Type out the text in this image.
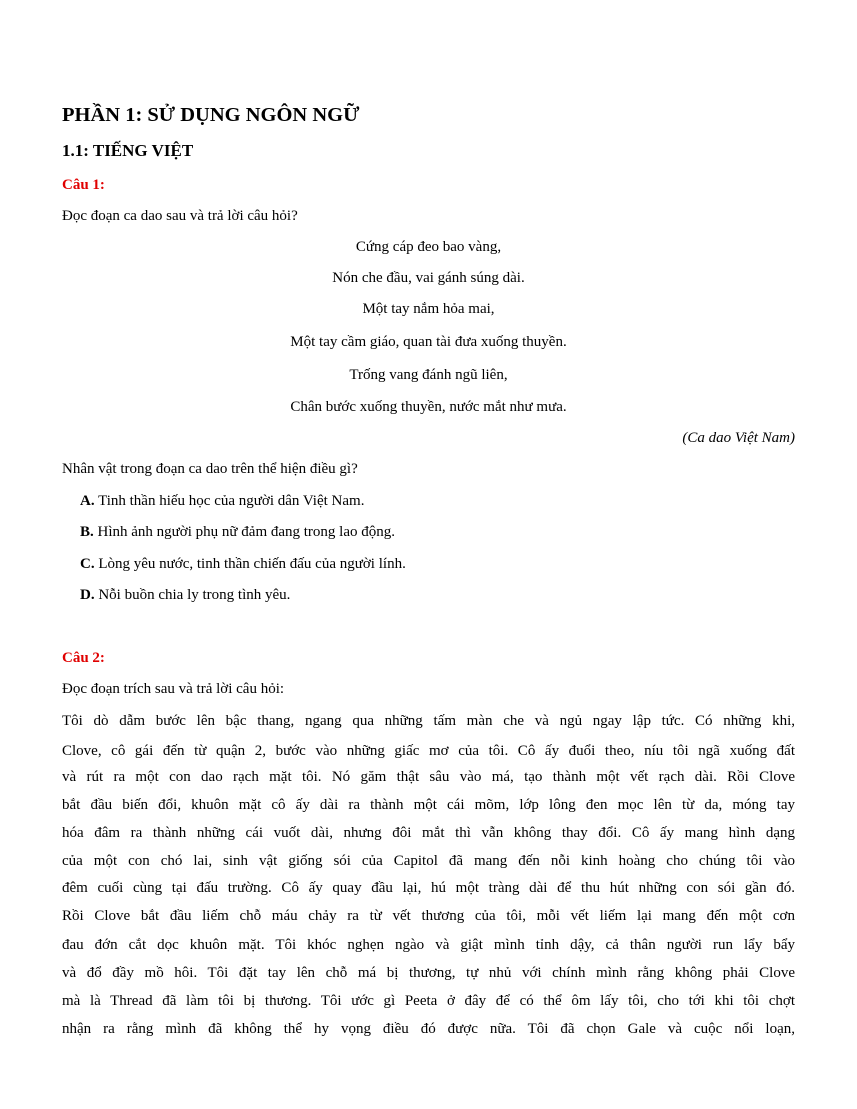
PHẦN 1: SỬ DỤNG NGÔN NGỮ
1.1: TIẾNG VIỆT
Câu 1:
Đọc đoạn ca dao sau và trả lời câu hỏi?
Cứng cáp đeo bao vàng,
Nón che đầu, vai gánh súng dài.
Một tay nắm hỏa mai,
Một tay cầm giáo, quan tài đưa xuống thuyền.
Trống vang đánh ngũ liên,
Chân bước xuống thuyền, nước mắt như mưa.
(Ca dao Việt Nam)
Nhân vật trong đoạn ca dao trên thể hiện điều gì?
A. Tinh thần hiếu học của người dân Việt Nam.
B. Hình ảnh người phụ nữ đảm đang trong lao động.
C. Lòng yêu nước, tinh thần chiến đấu của người lính.
D. Nỗi buồn chia ly trong tình yêu.
Câu 2:
Đọc đoạn trích sau và trả lời câu hỏi:
Tôi dò dẫm bước lên bậc thang, ngang qua những tấm màn che và ngủ ngay lập tức. Có những khi,
Clove, cô gái đến từ quận 2, bước vào những giấc mơ của tôi. Cô ấy đuổi theo, níu tôi ngã xuống đất
và rút ra một con dao rạch mặt tôi. Nó găm thật sâu vào má, tạo thành một vết rạch dài. Rồi Clove
bắt đầu biến đổi, khuôn mặt cô ấy dài ra thành một cái mõm, lớp lông đen mọc lên từ da, móng tay
hóa đâm ra thành những cái vuốt dài, nhưng đôi mắt thì vẫn không thay đổi. Cô ấy mang hình dạng
của một con chó lai, sinh vật giống sói của Capitol đã mang đến nỗi kinh hoàng cho chúng tôi vào
đêm cuối cùng tại đấu trường. Cô ấy quay đầu lại, hú một tràng dài để thu hút những con sói gần đó.
Rồi Clove bắt đầu liếm chỗ máu chảy ra từ vết thương của tôi, mỗi vết liếm lại mang đến một cơn
đau đớn cắt dọc khuôn mặt. Tôi khóc nghẹn ngào và giật mình tỉnh dậy, cả thân người run lẩy bẩy
và đổ đầy mồ hôi. Tôi đặt tay lên chỗ má bị thương, tự nhủ với chính mình rằng không phải Clove
mà là Thread đã làm tôi bị thương. Tôi ước gì Peeta ở đây để có thể ôm lấy tôi, cho tới khi tôi chợt
nhận ra rằng mình đã không thể hy vọng điều đó được nữa. Tôi đã chọn Gale và cuộc nổi loạn,
